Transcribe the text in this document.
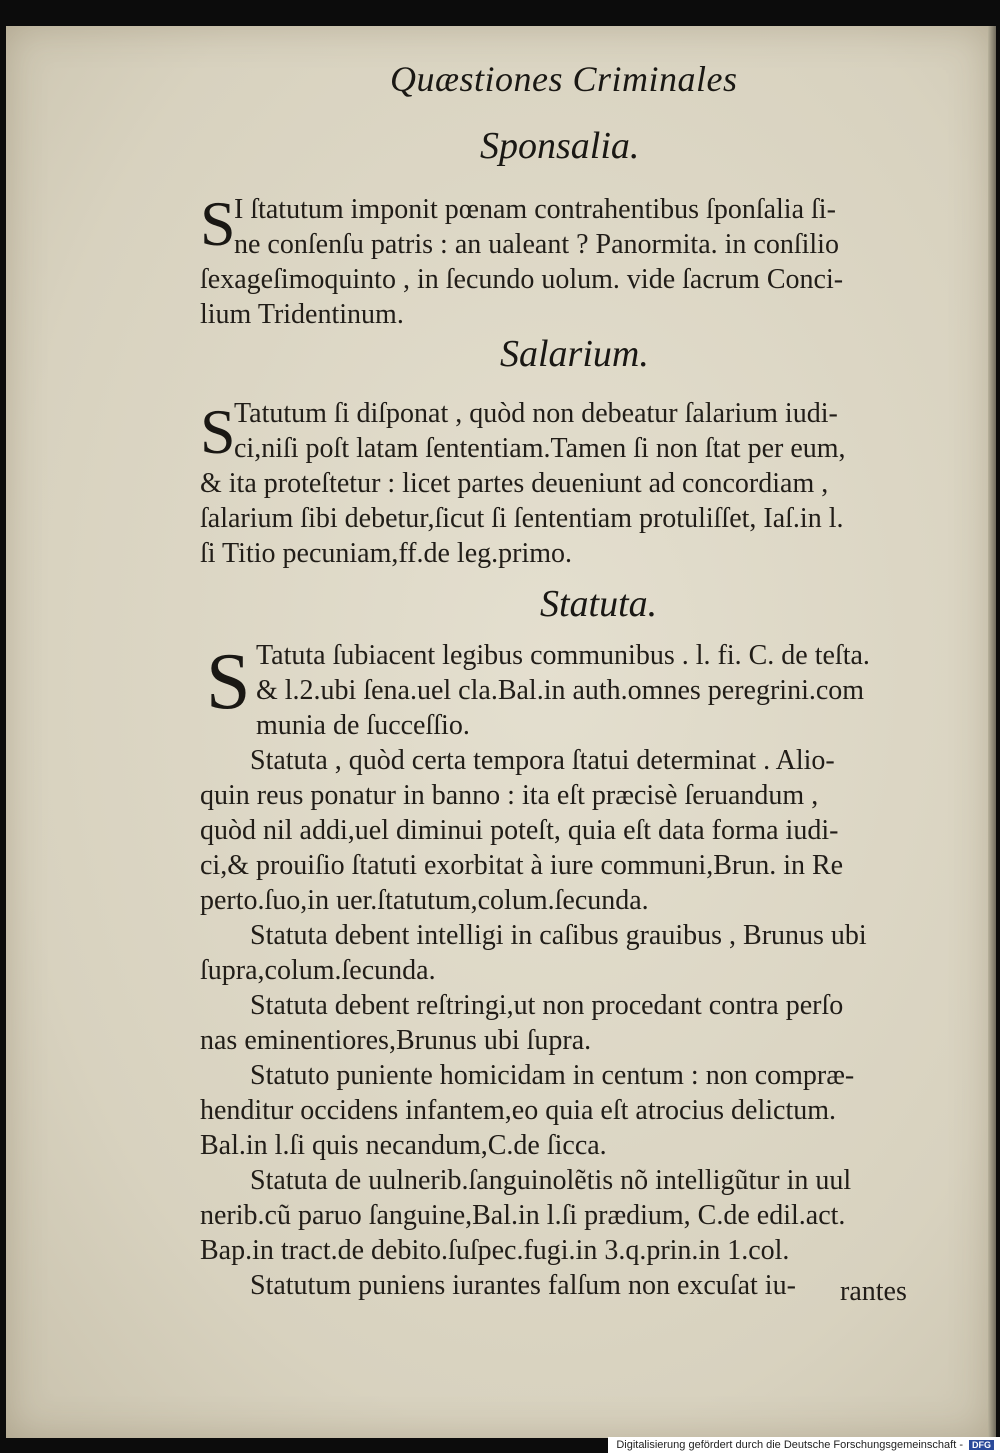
Quæstiones Criminales
Sponsalia.
S
I ſtatutum imponit pœnam contrahentibus ſponſalia ſi-
ne conſenſu patris : an ualeant ? Panormita. in conſilio
ſexageſimoquinto , in ſecundo uolum. vide ſacrum Conci-
lium Tridentinum.
Salarium.
S
Tatutum ſi diſponat , quòd non debeatur ſalarium iudi-
ci,niſi poſt latam ſententiam.Tamen ſi non ſtat per eum,
& ita proteſtetur : licet partes deueniunt ad concordiam ,
ſalarium ſibi debetur,ſicut ſi ſententiam protuliſſet, Iaſ.in l.
ſi Titio pecuniam,ff.de leg.primo.
Statuta.
S Tatuta ſubiacent legibus communibus . l. fi. C. de teſta.
& l.2.ubi ſena.uel cla.Bal.in auth.omnes peregrini.com
munia de ſucceſſio.
Statuta , quòd certa tempora ſtatui determinat . Alio-
quin reus ponatur in banno : ita eſt præcisè ſeruandum ,
quòd nil addi,uel diminui poteſt, quia eſt data forma iudi-
ci,& prouiſio ſtatuti exorbitat à iure communi,Brun. in Re
perto.ſuo,in uer.ſtatutum,colum.ſecunda.
Statuta debent intelligi in caſibus grauibus , Brunus ubi
ſupra,colum.ſecunda.
Statuta debent reſtringi,ut non procedant contra perſo
nas eminentiores,Brunus ubi ſupra.
Statuto puniente homicidam in centum : non compræ-
henditur occidens infantem,eo quia eſt atrocius delictum.
Bal.in l.ſi quis necandum,C.de ſicca.
Statuta de uulnerib.ſanguinolẽtis nõ intelligũtur in uul
nerib.cũ paruo ſanguine,Bal.in l.ſi prædium, C.de edil.act.
Bap.in tract.de debito.ſuſpec.fugi.in 3.q.prin.in 1.col.
Statutum puniens iurantes falſum non excuſat iu-	rantes
Digitalisierung gefördert durch die Deutsche Forschungsgemeinschaft -	DFG
